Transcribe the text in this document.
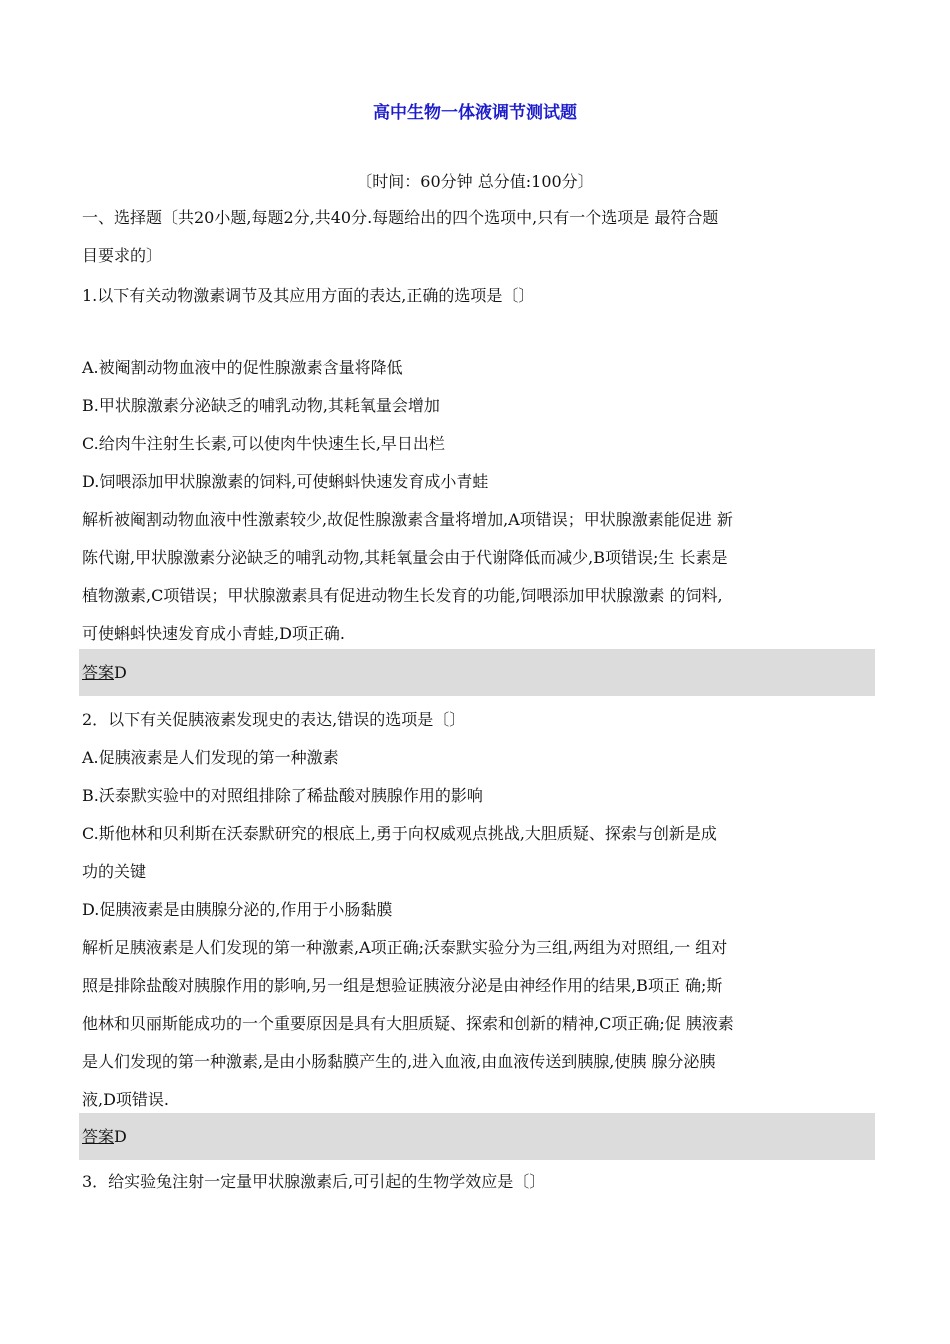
高中生物一体液调节测试题
〔时间：60分钟 总分值:100分〕

一、选择题〔共20小题,每题2分,共40分.每题给出的四个选项中,只有一个选项是 最符合题

目要求的〕

1.以下有关动物激素调节及其应用方面的表达,正确的选项是〔〕

A.被阉割动物血液中的促性腺激素含量将降低

B.甲状腺激素分泌缺乏的哺乳动物,其耗氧量会增加

C.给肉牛注射生长素,可以使肉牛快速生长,早日出栏

D.饲喂添加甲状腺激素的饲料,可使蝌蚪快速发育成小青蛙

解析被阉割动物血液中性激素较少,故促性腺激素含量将增加,A项错误；甲状腺激素能促进 新

陈代谢,甲状腺激素分泌缺乏的哺乳动物,其耗氧量会由于代谢降低而减少,B项错误;生 长素是

植物激素,C项错误；甲状腺激素具有促进动物生长发育的功能,饲喂添加甲状腺激素 的饲料,

可使蝌蚪快速发育成小青蛙,D项正确.

答案D

2．以下有关促胰液素发现史的表达,错误的选项是〔〕

A.促胰液素是人们发现的第一种激素

B.沃泰默实验中的对照组排除了稀盐酸对胰腺作用的影响

C.斯他林和贝利斯在沃泰默研究的根底上,勇于向权威观点挑战,大胆质疑、探索与创新是成

功的关键

D.促胰液素是由胰腺分泌的,作用于小肠黏膜

解析足胰液素是人们发现的第一种激素,A项正确;沃泰默实验分为三组,两组为对照组,一 组对

照是排除盐酸对胰腺作用的影响,另一组是想验证胰液分泌是由神经作用的结果,B项正 确;斯

他林和贝丽斯能成功的一个重要原因是具有大胆质疑、探索和创新的精神,C项正确;促 胰液素

是人们发现的第一种激素,是由小肠黏膜产生的,进入血液,由血液传送到胰腺,使胰 腺分泌胰

液,D项错误.

答案D

3．给实验兔注射一定量甲状腺激素后,可引起的生物学效应是〔〕
